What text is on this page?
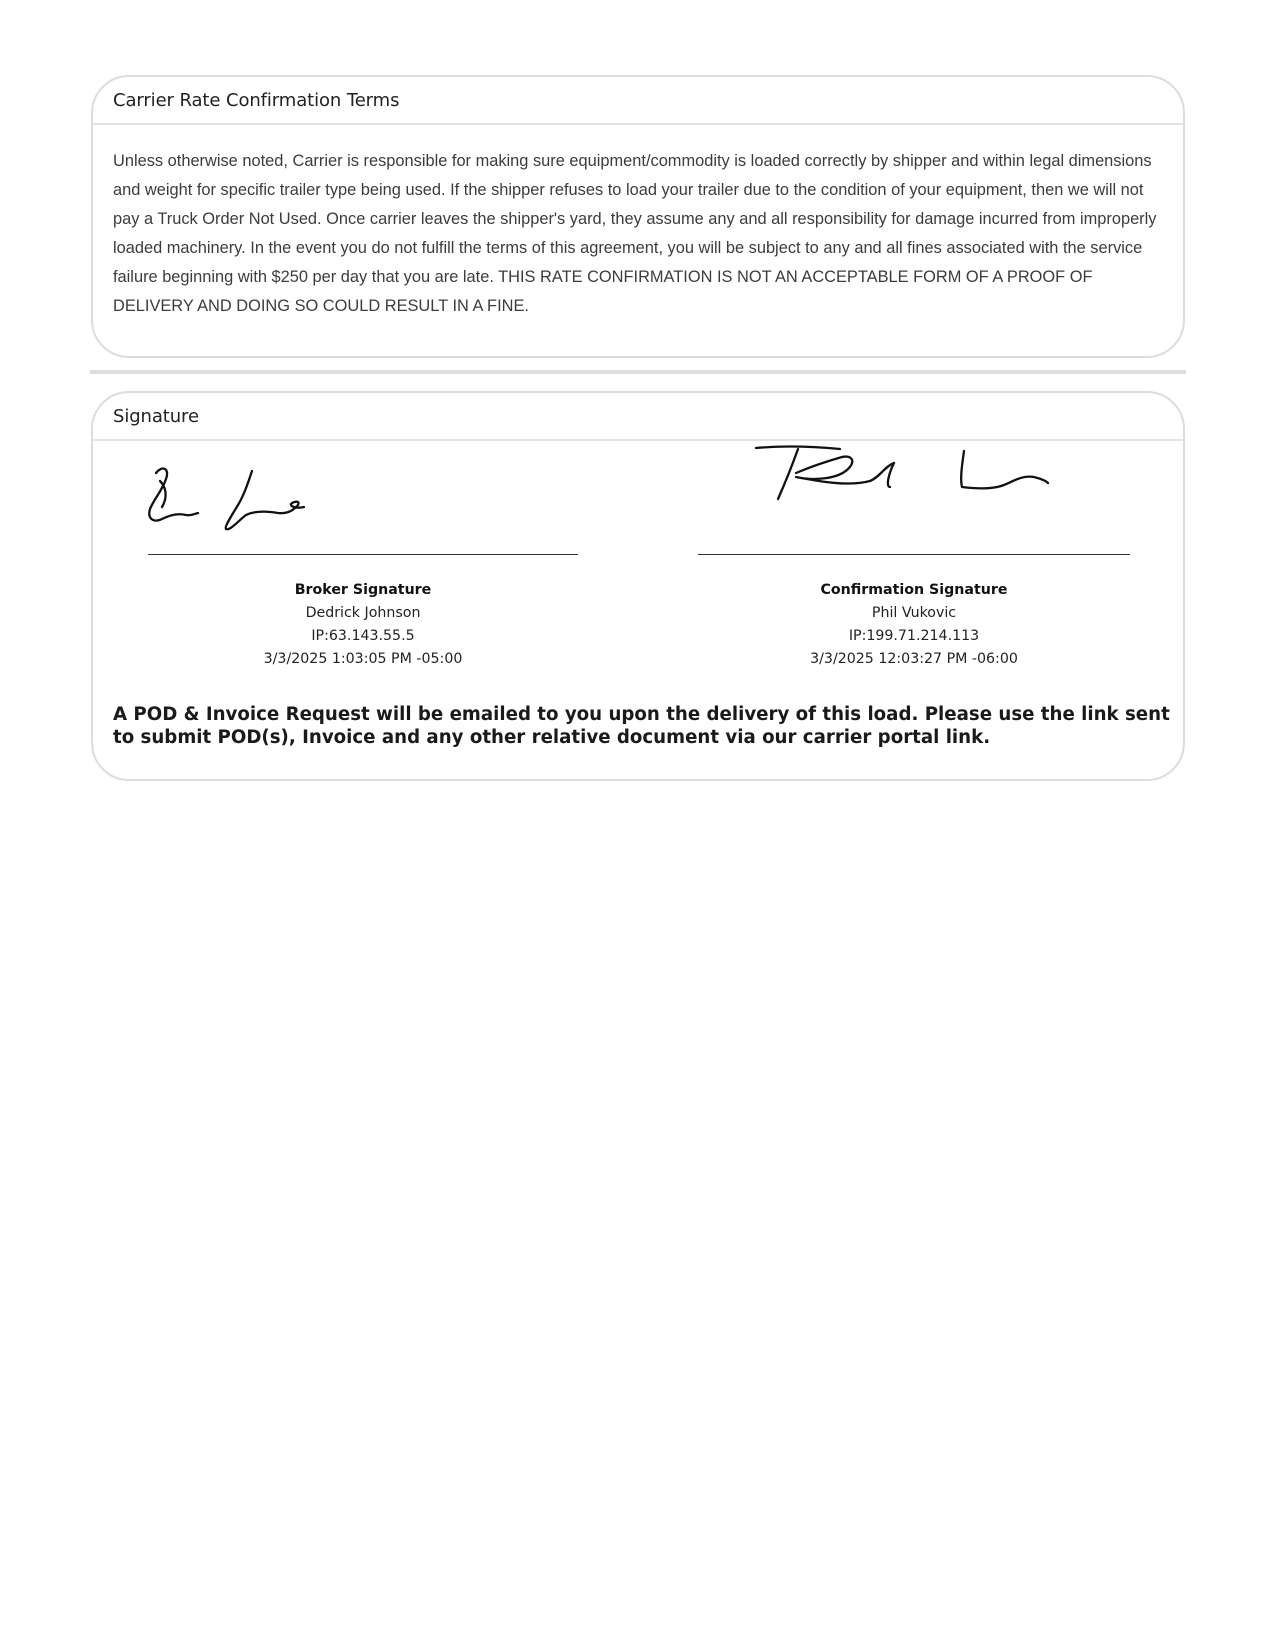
Carrier Rate Confirmation Terms
Unless otherwise noted, Carrier is responsible for making sure equipment/commodity is loaded correctly by shipper and within legal dimensions and weight for specific trailer type being used. If the shipper refuses to load your trailer due to the condition of your equipment, then we will not pay a Truck Order Not Used. Once carrier leaves the shipper's yard, they assume any and all responsibility for damage incurred from improperly loaded machinery. In the event you do not fulfill the terms of this agreement, you will be subject to any and all fines associated with the service failure beginning with $250 per day that you are late. THIS RATE CONFIRMATION IS NOT AN ACCEPTABLE FORM OF A PROOF OF DELIVERY AND DOING SO COULD RESULT IN A FINE.
Signature
Broker Signature
Dedrick Johnson
IP:63.143.55.5
3/3/2025 1:03:05 PM -05:00
Confirmation Signature
Phil Vukovic
IP:199.71.214.113
3/3/2025 12:03:27 PM -06:00
A POD & Invoice Request will be emailed to you upon the delivery of this load. Please use the link sent to submit POD(s), Invoice and any other relative document via our carrier portal link.
